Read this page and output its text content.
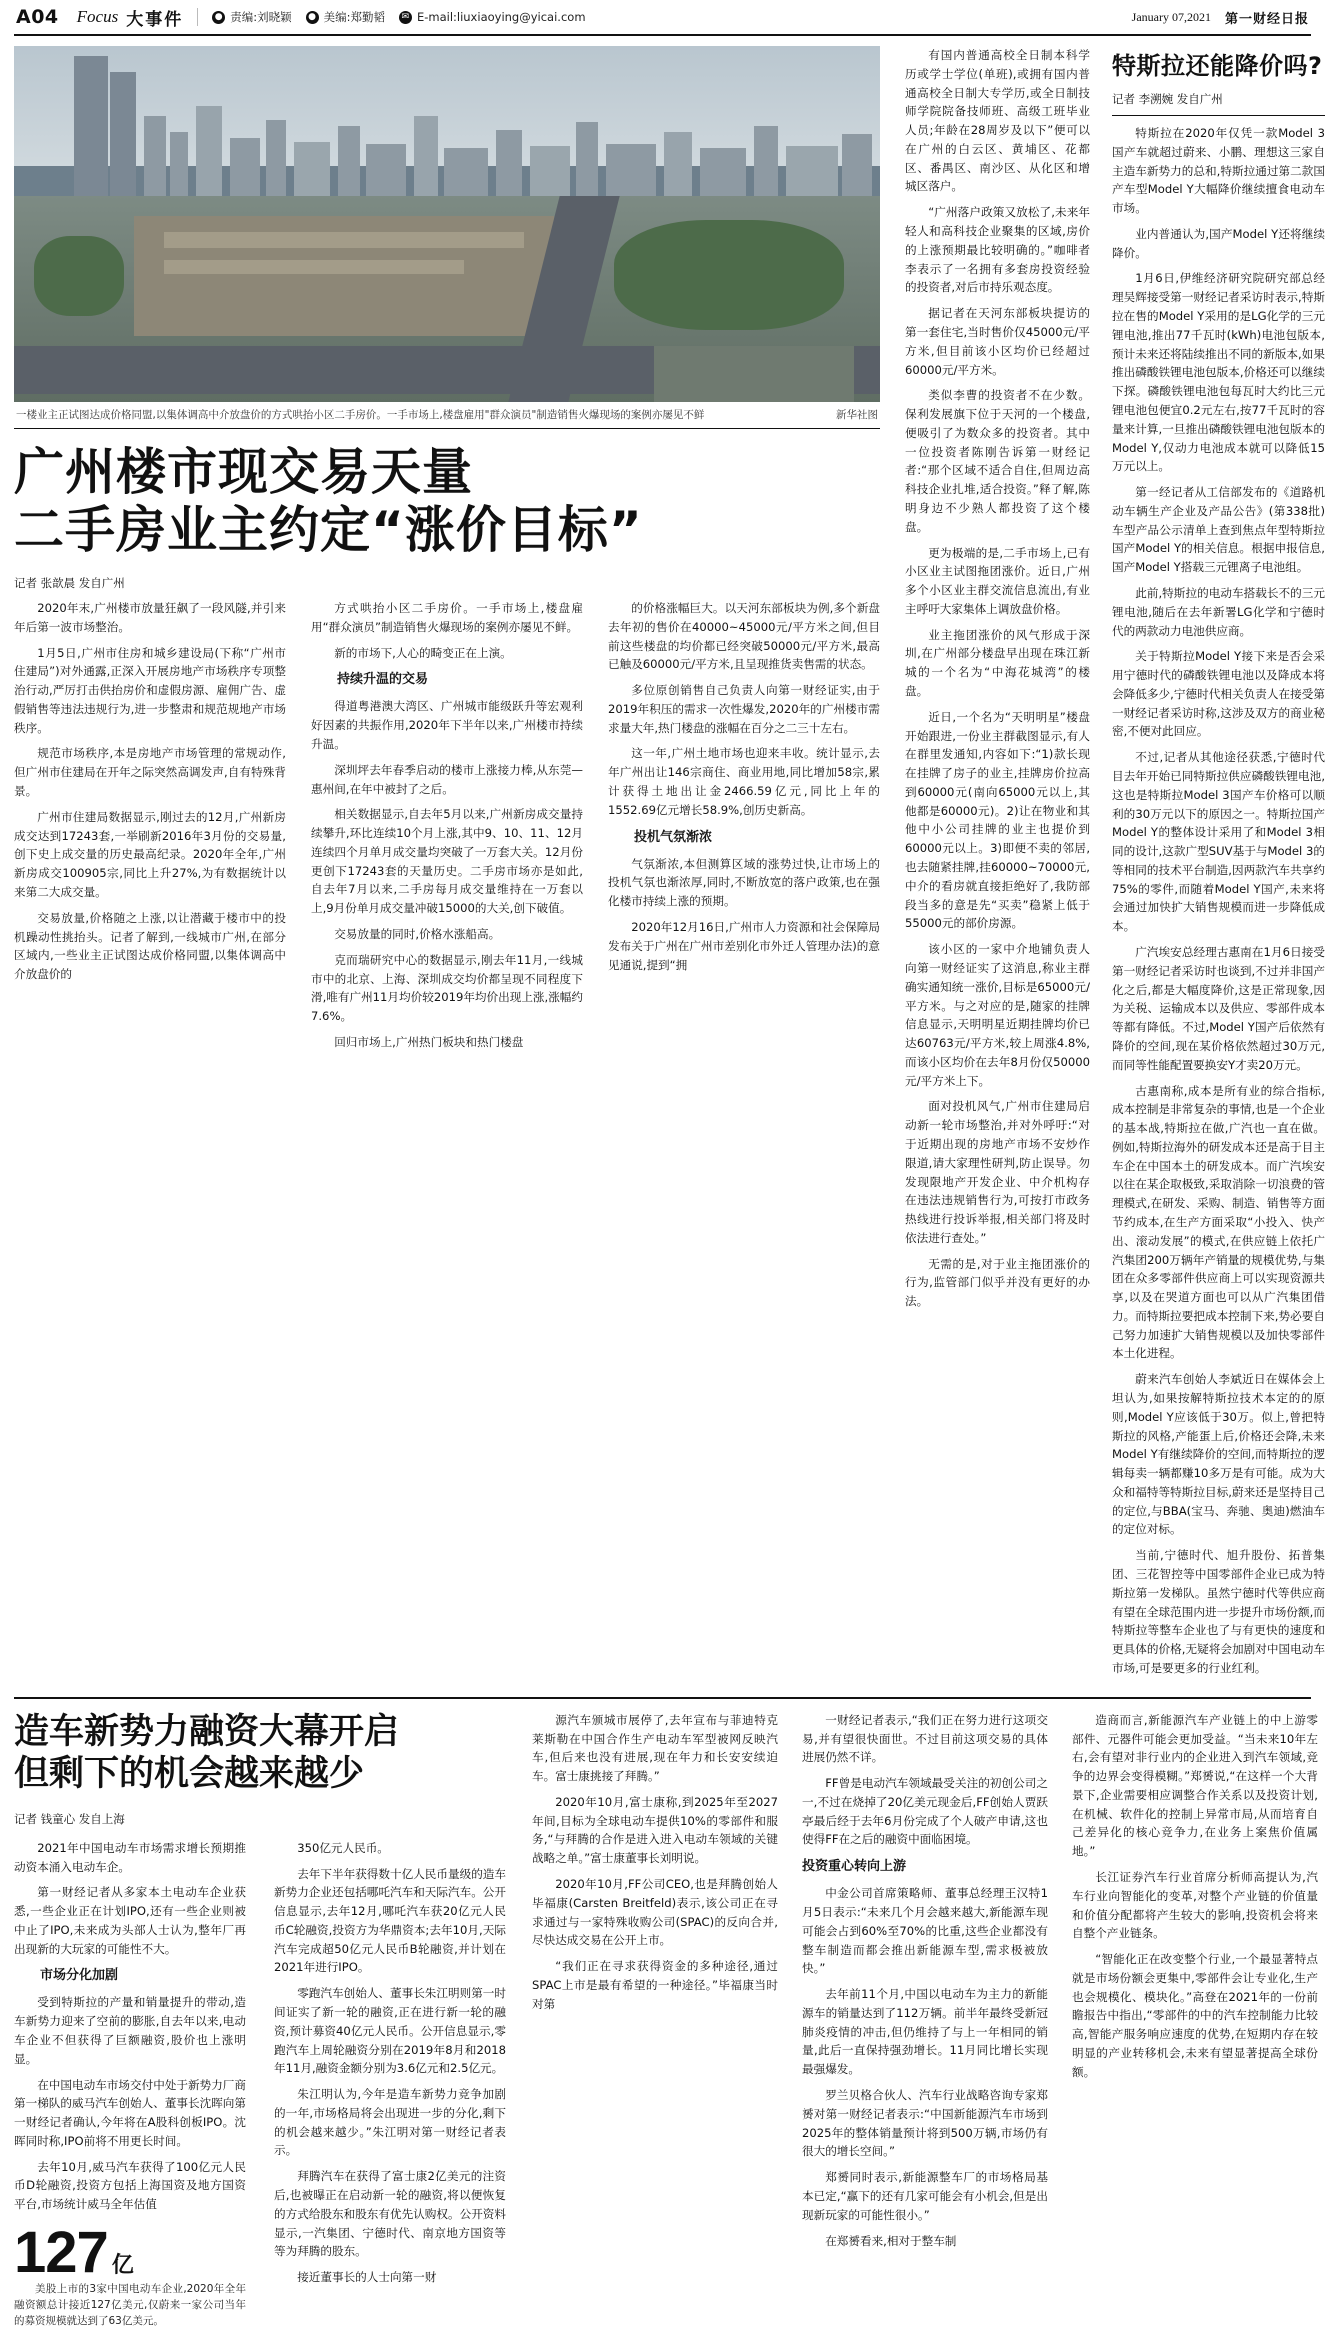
A04 Focus 大事件	● 责编:刘晓颖 ● 美编:郑勤韬	✉ E-mail:liuxiaoying@yicai.com	January 07,2021 第一财经日报
一楼业主正试图达成价格同盟,以集体调高中介放盘价的方式哄抬小区二手房价。一手市场上,楼盘雇用"群众演员"制造销售火爆现场的案例亦屡见不鲜	新华社图
广州楼市现交易天量
二手房业主约定“涨价目标”
记者 张歆晨 发自广州

2020年末,广州楼市放量狂飙了一段风隧,并引来年后第一波市场整治。

1月5日,广州市住房和城乡建设局(下称“广州市住建局”)对外通露,正深入开展房地产市场秩序专项整治行动,严厉打击供抬房价和虚假房源、雇佣广告、虚假销售等违法违规行为,进一步整肃和规范规地产市场秩序。

规范市场秩序,本是房地产市场管理的常规动作,但广州市住建局在开年之际突然高调发声,自有特殊背景。

广州市住建局数据显示,刚过去的12月,广州新房成交达到17243套,一举刷新2016年3月份的交易量,创下史上成交量的历史最高纪录。2020年全年,广州新房成交100905宗,同比上升27%,为有数据统计以来第二大成交量。

交易放量,价格随之上涨,以让潜藏于楼市中的投机躁动性挑抬头。记者了解到,一线城市广州,在部分区域内,一些业主正试图达成价格同盟,以集体调高中介放盘价的

方式哄抬小区二手房价。一手市场上,楼盘雇用“群众演员”制造销售火爆现场的案例亦屡见不鲜。

新的市场下,人心的畸变正在上演。

持续升温的交易

得道粤港澳大湾区、广州城市能级跃升等宏观利好因素的共振作用,2020年下半年以来,广州楼市持续升温。

深圳坪去年春季启动的楼市上涨接力棒,从东莞—惠州间,在年中被封了之后。

相关数据显示,自去年5月以来,广州新房成交量持续攀升,环比连续10个月上涨,其中9、10、11、12月连续四个月单月成交量均突破了一万套大关。12月份更创下17243套的天量历史。二手房市场亦是如此,自去年7月以来,二手房每月成交量维持在一万套以上,9月份单月成交量冲破15000的大关,创下破值。

交易放量的同时,价格水涨船高。

克而瑞研究中心的数据显示,刚去年11月,一线城市中的北京、上海、深圳成交均价都呈现不同程度下滑,唯有广州11月均价较2019年均价出现上涨,涨幅约7.6%。

回归市场上,广州热门板块和热门楼盘

的价格涨幅巨大。以天河东部板块为例,多个新盘去年初的售价在40000~45000元/平方米之间,但目前这些楼盘的均价都已经突破50000元/平方米,最高已触及60000元/平方米,且呈现推货卖售需的状态。

多位原创销售自己负责人向第一财经证实,由于2019年积压的需求一次性爆发,2020年的广州楼市需求量大年,热门楼盘的涨幅在百分之二三十左右。

这一年,广州土地市场也迎来丰收。统计显示,去年广州出让146宗商住、商业用地,同比增加58宗,累计获得土地出让金2466.59亿元,同比上年的1552.69亿元增长58.9%,创历史新高。

投机气氛渐浓

气氛渐浓,本但测算区域的涨势过快,让市场上的投机气氛也渐浓厚,同时,不断放宽的落户政策,也在强化楼市持续上涨的预期。

2020年12月16日,广州市人力资源和社会保障局发布关于广州在广州市差别化市外迁人管理办法)的意见通说,提到“拥

有国内普通高校全日制本科学历或学士学位(单班),或拥有国内普通高校全日制大专学历,或全日制技师学院院备技师班、高级工班毕业人员;年龄在28周岁及以下”便可以在广州的白云区、黄埔区、花都区、番禺区、南沙区、从化区和增城区落户。

“广州落户政策又放松了,未来年轻人和高科技企业聚集的区域,房价的上涨预期最比较明确的。”咖啡者李表示了一名拥有多套房投资经验的投资者,对后市持乐观态度。

据记者在天河东部板块提访的第一套住宅,当时售价仅45000元/平方米,但目前该小区均价已经超过60000元/平方米。

类似李曹的投资者不在少数。保利发展旗下位于天河的一个楼盘,便吸引了为数众多的投资者。其中一位投资者陈刚告诉第一财经记者:“那个区域不适合自住,但周边高科技企业扎堆,适合投资。”释了解,陈明身边不少熟人都投资了这个楼盘。

更为极端的是,二手市场上,已有小区业主试图拖团涨价。近日,广州多个小区业主群交流信息流出,有业主呼吁大家集体上调放盘价格。

业主拖团涨价的风气形成于深圳,在广州部分楼盘早出现在珠江新城的一个名为“中海花城湾”的楼盘。

近日,一个名为“天明明星”楼盘开始跟进,一份业主群截图显示,有人在群里发通知,内容如下:“1)款长现在挂牌了房子的业主,挂牌房价拉高到60000元(南向65000元以上,其他都是60000元)。2)让在物业和其他中小公司挂牌的业主也提价到60000元以上。3)即便不卖的邻居,也去随紧挂牌,挂60000~70000元,中介的看房就直接拒绝好了,我防部段当多的意是先“买卖”稳紧上低于55000元的部价房源。

该小区的一家中介地铺负责人向第一财经证实了这消息,称业主群确实通知统一涨价,目标是65000元/平方米。与之对应的是,随家的挂牌信息显示,天明明星近期挂牌均价已达60763元/平方米,较上周涨4.8%,而该小区均价在去年8月份仅50000元/平方米上下。

面对投机风气,广州市住建局启动新一轮市场整治,并对外呼吁:“对于近期出现的房地产市场不安炒作限道,请大家理性研判,防止误导。勿发现限地产开发企业、中介机构存在违法违规销售行为,可按打市政务热线进行投诉举报,相关部门将及时依法进行查处。”

无需的是,对于业主拖团涨价的行为,监管部门似乎并没有更好的办法。

特斯拉还能降价吗?
记者 李溯婉 发自广州

特斯拉在2020年仅凭一款Model 3国产车就超过蔚来、小鹏、理想这三家自主造车新势力的总和,特斯拉通过第二款国产车型Model Y大幅降价继续擅食电动车市场。

业内普通认为,国产Model Y还将继续降价。

1月6日,伊维经济研究院研究部总经理吴辉接受第一财经记者采访时表示,特斯拉在售的Model Y采用的是LG化学的三元锂电池,推出77千瓦时(kWh)电池包版本,预计未来还将陆续推出不同的新版本,如果推出磷酸铁锂电池包版本,价格还可以继续下探。磷酸铁锂电池包每瓦时大约比三元锂电池包便宜0.2元左右,按77千瓦时的容量来计算,一旦推出磷酸铁锂电池包版本的Model Y,仅动力电池成本就可以降低15万元以上。

第一经记者从工信部发布的《道路机动车辆生产企业及产品公告》(第338批)车型产品公示清单上查到焦点年型特斯拉国产Model Y的相关信息。根据申报信息,国产Model Y搭载三元锂离子电池组。

此前,特斯拉的电动车搭载长不的三元锂电池,随后在去年新署LG化学和宁德时代的两款动力电池供应商。

关于特斯拉Model Y接下来是否会采用宁德时代的磷酸铁锂电池以及降成本将会降低多少,宁德时代相关负责人在接受第一财经记者采访时称,这涉及双方的商业秘密,不便对此回应。

不过,记者从其他途径获悉,宁德时代目去年开始已同特斯拉供应磷酸铁锂电池,这也是特斯拉Model 3国产车价格可以顺利的30万元以下的原因之一。特斯拉国产Model Y的整体设计采用了和Model 3相同的设计,这款广型SUV基于与Model 3的等相同的技术平台制造,因两款汽车共享约75%的零件,而随着Model Y国产,未来将会通过加快扩大销售规模而进一步降低成本。

广汽埃安总经理古惠南在1月6日接受第一财经记者采访时也谈到,不过并非国产化之后,都是大幅度降价,这是正常现象,因为关税、运输成本以及供应、零部件成本等都有降低。不过,Model Y国产后依然有降价的空间,现在某价格依然超过30万元,而同等性能配置要换安Y才卖20万元。

古惠南称,成本是所有业的综合指标,成本控制是非常复杂的事情,也是一个企业的基本战,特斯拉在做,广汽也一直在做。例如,特斯拉海外的研发成本还是高于目主车企在中国本土的研发成本。而广汽埃安以往在某企取极致,采取消除一切浪费的管理模式,在研发、采购、制造、销售等方面节约成本,在生产方面采取“小投入、快产出、滚动发展”的模式,在供应链上依托广汽集团200万辆年产销量的规模优势,与集团在众多零部件供应商上可以实现资源共享,以及在哭道方面也可以从广汽集团借力。而特斯拉要把成本控制下来,势必要自己努力加速扩大销售规模以及加快零部件本土化进程。

蔚来汽车创始人李斌近日在媒体会上坦认为,如果按解特斯拉技术本定的的原则,Model Y应该低于30万。似上,曾把特斯拉的风格,产能蛋上后,价格还会降,未来Model Y有继续降价的空间,而特斯拉的逻辑每卖一辆都赚10多万是有可能。成为大众和福特等特斯拉目标,蔚来还是坚持目己的定位,与BBA(宝马、奔驰、奥迪)燃油车的定位对标。

当前,宁德时代、旭升股份、拓普集团、三花智控等中国零部件企业已成为特斯拉第一发梯队。虽然宁德时代等供应商有望在全球范围内进一步提升市场份额,而特斯拉等整车企业也了与有更快的速度和更具体的价格,无疑将会加剧对中国电动车市场,可是要更多的行业红利。

造车新势力融资大幕开启
但剩下的机会越来越少
记者 钱童心 发自上海

2021年中国电动车市场需求增长预期推动资本涌入电动车企。

第一财经记者从多家本土电动车企业获悉,一些企业正在计划IPO,还有一些企业则被中止了IPO,未来成为头部人士认为,整年厂再出现新的大玩家的可能性不大。

市场分化加剧

受到特斯拉的产量和销量提升的带动,造车新势力迎来了空前的膨胀,自去年以来,电动车企业不但获得了巨额融资,股价也上涨明显。

在中国电动车市场交付中处于新势力厂商第一梯队的威马汽车创始人、董事长沈晖向第一财经记者确认,今年将在A股科创板IPO。沈晖同时称,IPO前将不用更长时间。

去年10月,威马汽车获得了100亿元人民币D轮融资,投资方包括上海国资及地方国资平台,市场统计威马全年估值

127 亿

美股上市的3家中国电动车企业,2020年全年融资额总计接近127亿美元,仅蔚来一家公司当年的募资规模就达到了63亿美元。

350亿元人民币。

去年下半年获得数十亿人民币量级的造车新势力企业还包括哪吒汽车和天际汽车。公开信息显示,去年12月,哪吒汽车获20亿元人民币C轮融资,投资方为华鼎资本;去年10月,天际汽车完成超50亿元人民币B轮融资,并计划在2021年进行IPO。

零跑汽车创始人、董事长朱江明则第一时间证实了新一轮的融资,正在进行新一轮的融资,预计募资40亿元人民币。公开信息显示,零跑汽车上周轮融资分别在2019年8月和2018年11月,融资金额分别为3.6亿元和2.5亿元。

朱江明认为,今年是造车新势力竞争加剧的一年,市场格局将会出现进一步的分化,剩下的机会越来越少。”朱江明对第一财经记者表示。

拜腾汽车在获得了富士康2亿美元的注资后,也被曝正在启动新一轮的融资,将以便恢复的方式给股东和股东有优先认购权。公开资料显示,一汽集团、宁德时代、南京地方国资等等为拜腾的股东。

接近董事长的人士向第一财

源汽车颁城市展停了,去年宣布与菲迪特克莱斯勒在中国合作生产电动车军型被网反映汽车,但后来也没有进展,现在年力和长安安续迫车。富士康挑接了拜腾。”

2020年10月,富士康称,到2025年至2027年间,目标为全球电动车提供10%的零部件和服务,“与拜腾的合作是进入进入电动车领域的关键战略之单。”富士康董事长刘明说。

2020年10月,FF公司CEO,也是拜腾创始人毕福康(Carsten Breitfeld)表示,该公司正在寻求通过与一家特殊收购公司(SPAC)的反向合并,尽快达成交易在公开上市。

“我们正在寻求获得资金的多种途径,通过SPAC上市是最有希望的一种途径。”毕福康当时对第

一财经记者表示,“我们正在努力进行这项交易,并有望很快面世。不过目前这项交易的具体进展仍然不详。

FF曾是电动汽车领域最受关注的初创公司之一,不过在烧掉了20亿美元现金后,FF创始人贾跃亭最后经于去年6月份完成了个人破产申请,这也使得FF在之后的融资中面临困境。

投资重心转向上游

中金公司首席策略师、董事总经理王汉特1月5日表示:“未来几个月会越来越大,新能源车现可能会占到60%至70%的比重,这些企业都没有整车制造而都会推出新能源车型,需求极被放快。”

去年前11个月,中国以电动车为主力的新能源车的销量达到了112万辆。前半年最终受新冠肺炎疫情的冲击,但仍维持了与上一年相同的销量,此后一直保持强劲增长。11月同比增长实现最强爆发。

罗兰贝格合伙人、汽车行业战略咨询专家郑赟对第一财经记者表示:“中国新能源汽车市场到2025年的整体销量预计将到500万辆,市场仍有很大的增长空间。”

郑赟同时表示,新能源整车厂的市场格局基本已定,“赢下的还有几家可能会有小机会,但是出现新玩家的可能性很小。”

在郑赟看来,相对于整车制

造商而言,新能源汽车产业链上的中上游零部件、元器件可能会更加受益。“当未来10年左右,会有望对非行业内的企业进入到汽车领域,竞争的边界会变得模糊。”郑赟说,“在这样一个大背景下,企业需要相应调整合作关系以及投资计划,在机械、软件化的控制上异常市局,从而培育自己差异化的核心竞争力,在业务上案焦价值属地。”

长江证券汽车行业首席分析师高提认为,汽车行业向智能化的变革,对整个产业链的价值量和价值分配都将产生较大的影响,投资机会将来自整个产业链条。

“智能化正在改变整个行业,一个最显著特点就是市场份额会更集中,零部件会让专业化,生产也会规模化、模块化。”高登在2021年的一份前瞻报告中指出,“零部件的中的汽车控制能力比较高,智能产服务响应速度的优势,在短期内存在较明显的产业转移机会,未来有望显著提高全球份额。
